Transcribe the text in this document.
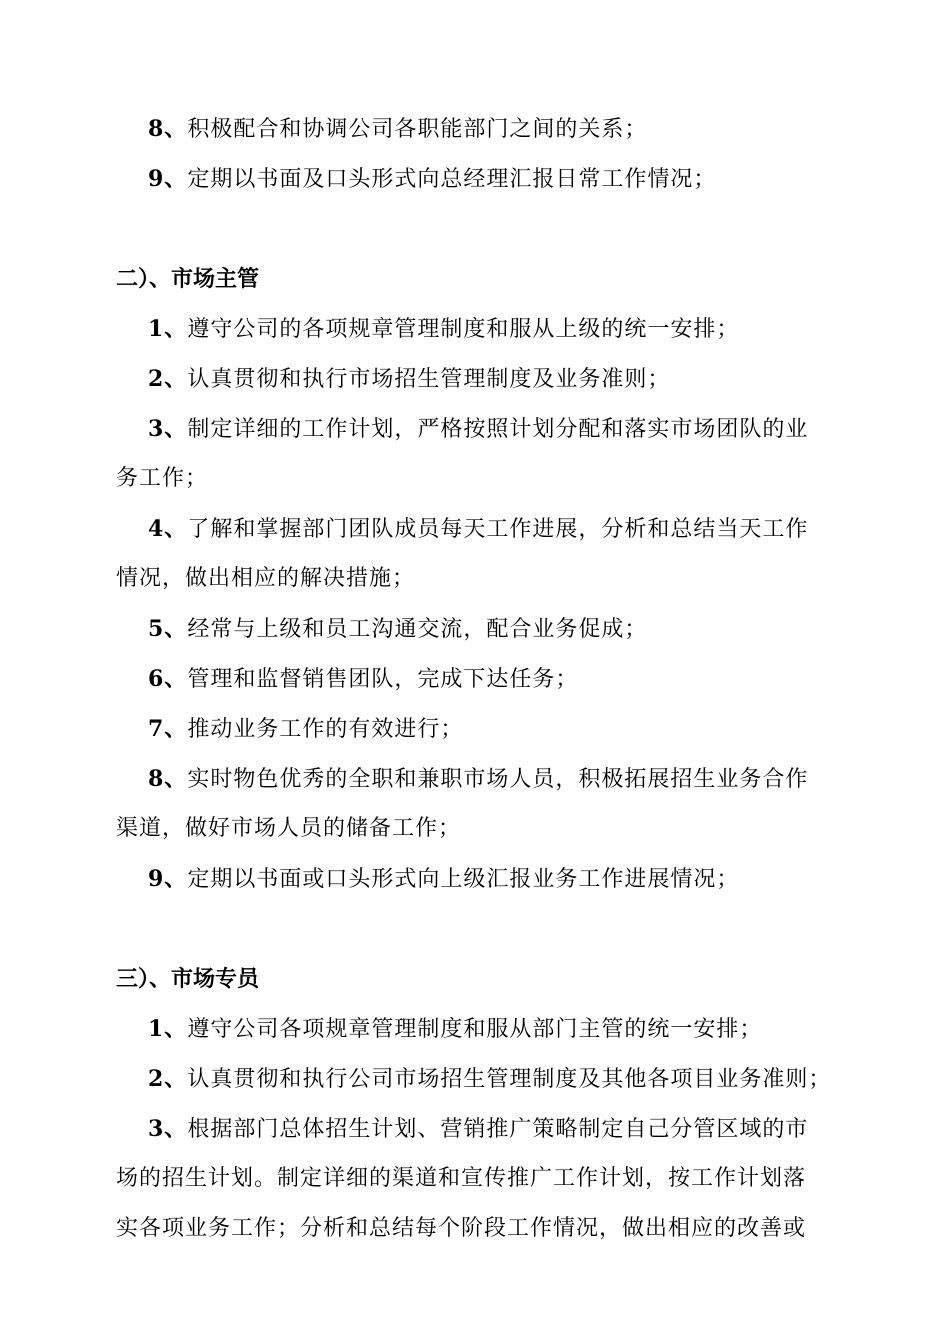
8、积极配合和协调公司各职能部门之间的关系；
9、定期以书面及口头形式向总经理汇报日常工作情况；
二）、市场主管
1、遵守公司的各项规章管理制度和服从上级的统一安排；
2、认真贯彻和执行市场招生管理制度及业务准则；
3、制定详细的工作计划，严格按照计划分配和落实市场团队的业
务工作；
4、了解和掌握部门团队成员每天工作进展，分析和总结当天工作
情况，做出相应的解决措施；
5、经常与上级和员工沟通交流，配合业务促成；
6、管理和监督销售团队，完成下达任务；
7、推动业务工作的有效进行；
8、实时物色优秀的全职和兼职市场人员，积极拓展招生业务合作
渠道，做好市场人员的储备工作；
9、定期以书面或口头形式向上级汇报业务工作进展情况；
三）、市场专员
1、遵守公司各项规章管理制度和服从部门主管的统一安排；
2、认真贯彻和执行公司市场招生管理制度及其他各项目业务准则；
3、根据部门总体招生计划、营销推广策略制定自己分管区域的市
场的招生计划。制定详细的渠道和宣传推广工作计划，按工作计划落
实各项业务工作；分析和总结每个阶段工作情况，做出相应的改善或
